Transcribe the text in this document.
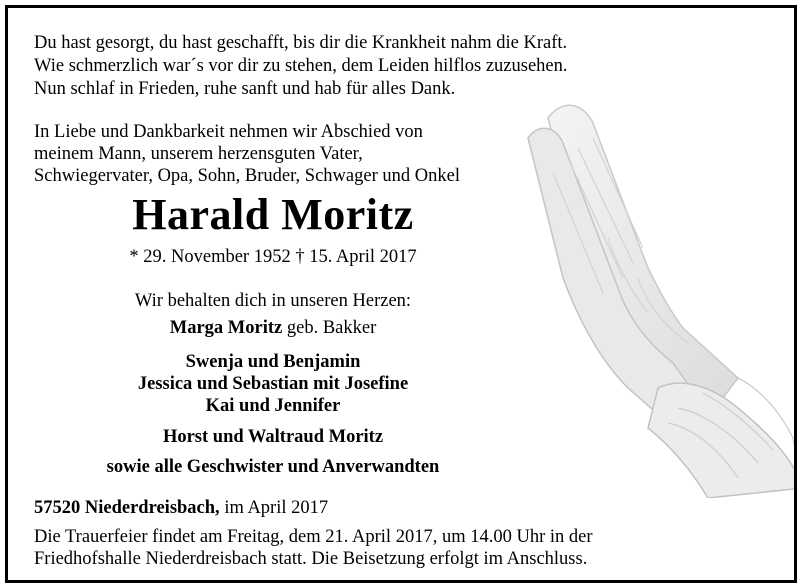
Du hast gesorgt, du hast geschafft, bis dir die Krankheit nahm die Kraft.
Wie schmerzlich war´s vor dir zu stehen, dem Leiden hilflos zuzusehen.
Nun schlaf in Frieden, ruhe sanft und hab für alles Dank.
In Liebe und Dankbarkeit nehmen wir Abschied von
meinem Mann, unserem herzensguten Vater,
Schwiegervater, Opa, Sohn, Bruder, Schwager und Onkel
Harald Moritz
* 29. November 1952 † 15. April 2017
Wir behalten dich in unseren Herzen:
Marga Moritz geb. Bakker
Swenja und Benjamin
Jessica und Sebastian mit Josefine
Kai und Jennifer
Horst und Waltraud Moritz
sowie alle Geschwister und Anverwandten
57520 Niederdreisbach, im April 2017
Die Trauerfeier findet am Freitag, dem 21. April 2017, um 14.00 Uhr in der
Friedhofshalle Niederdreisbach statt. Die Beisetzung erfolgt im Anschluss.
